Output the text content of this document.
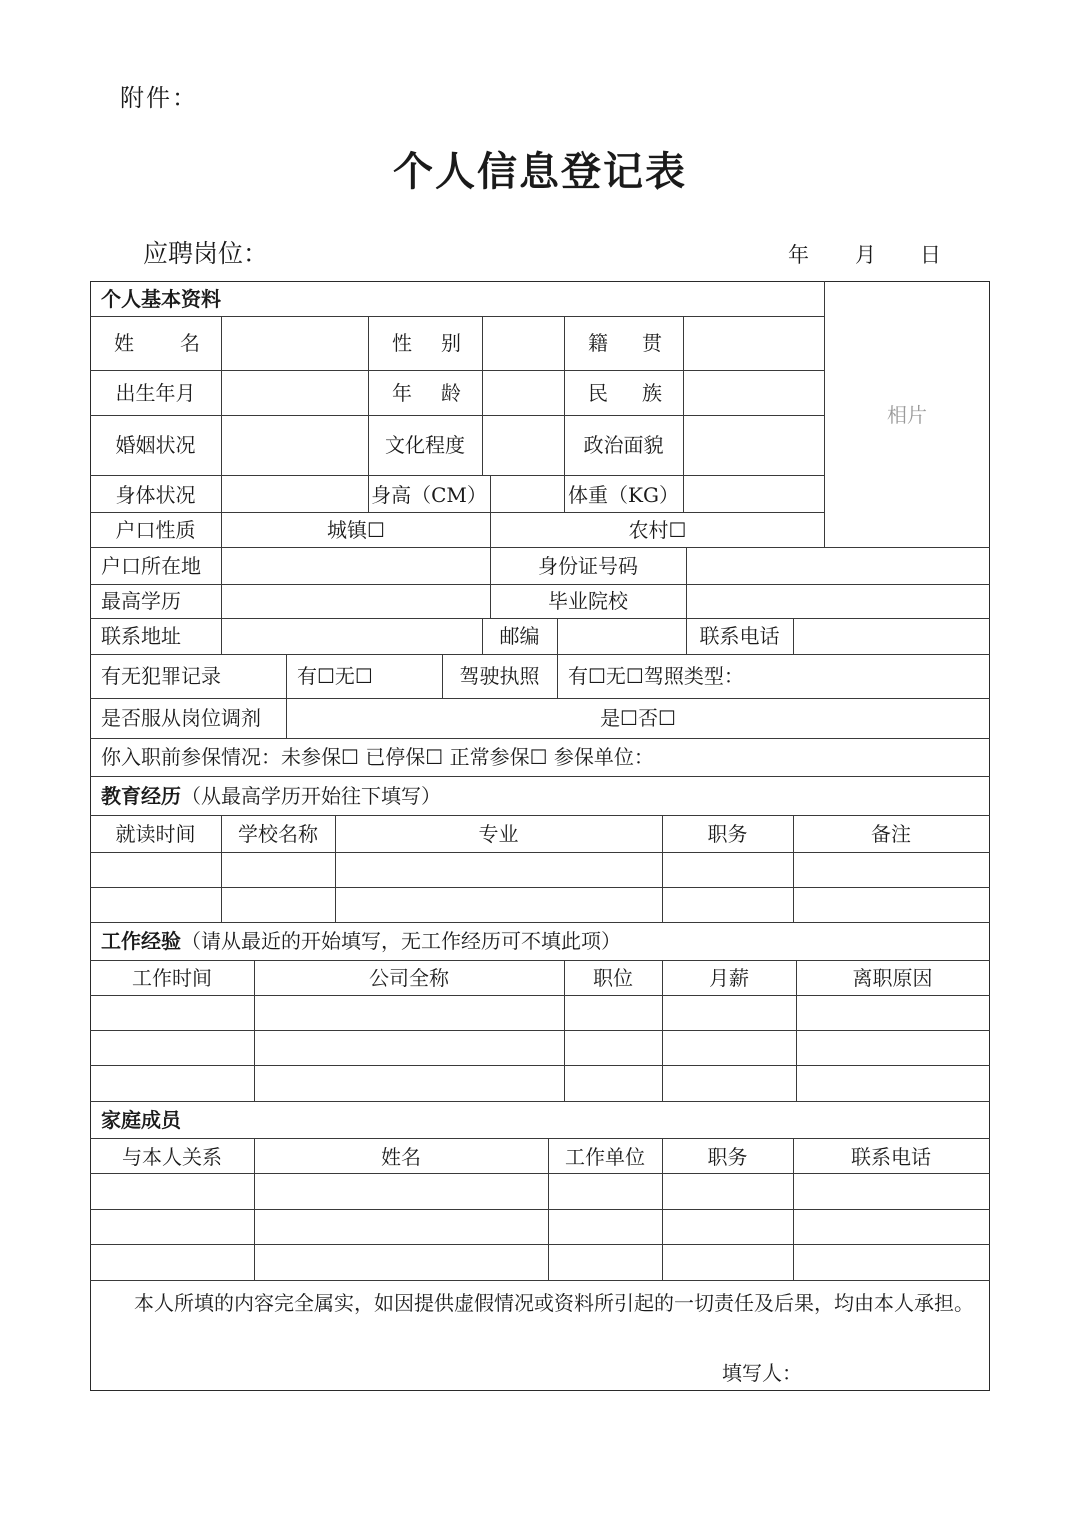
附件：
个人信息登记表
应聘岗位：	年 月 日
个人基本资料
相片
姓 名	性 别	籍 贯
出生年月	年 龄	民 族
婚姻状况	文化程度	政治面貌
身体状况	身高（CM）	体重（KG）
户口性质	城镇☐	农村☐
户口所在地	身份证号码
最高学历	毕业院校
联系地址	邮编	联系电话
有无犯罪记录	有☐无☐	驾驶执照	有☐无☐驾照类型：
是否服从岗位调剂	是☐否☐
你入职前参保情况：未参保☐ 已停保☐ 正常参保☐ 参保单位：
教育经历 （从最高学历开始往下填写）
就读时间	学校名称	专业	职务	备注
工作经验 （请从最近的开始填写，无工作经历可不填此项）
工作时间	公司全称	职位	月薪	离职原因
家庭成员
与本人关系	姓名	工作单位	职务	联系电话
本人所填的内容完全属实，如因提供虚假情况或资料所引起的一切责任及后果，均由本人承担。
填写人：
